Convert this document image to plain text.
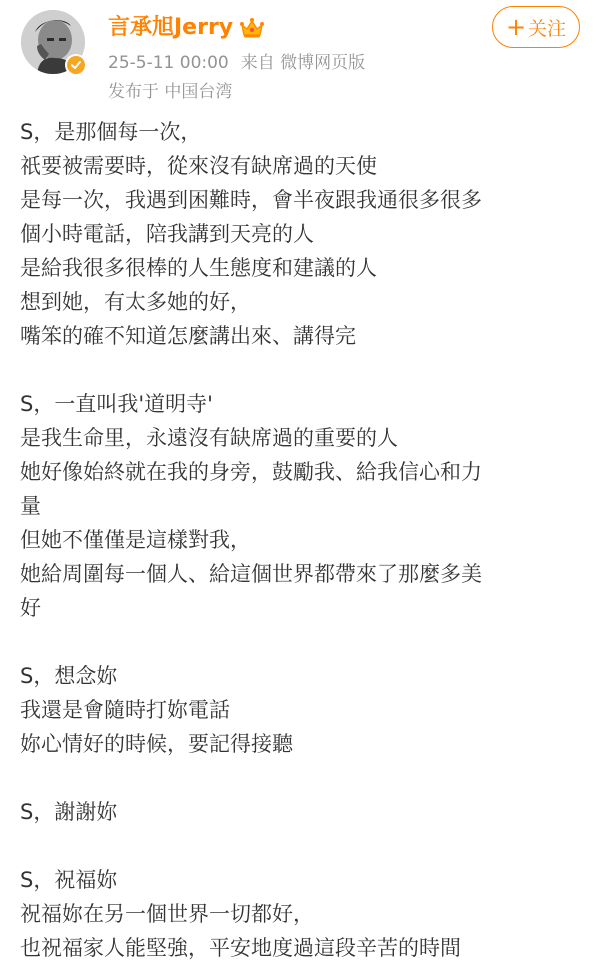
言承旭Jerry
25-5-11 00:00 来自 微博网页版
发布于 中国台湾
+ 关注
S，是那個每一次，
祇要被需要時，從來沒有缺席過的天使
是每一次，我遇到困難時，會半夜跟我通很多很多
個小時電話，陪我講到天亮的人
是給我很多很棒的人生態度和建議的人
想到她，有太多她的好，
嘴笨的確不知道怎麼講出來、講得完
S，一直叫我'道明寺'
是我生命里，永遠沒有缺席過的重要的人
她好像始終就在我的身旁，鼓勵我、給我信心和力
量
但她不僅僅是這樣對我，
她給周圍每一個人、給這個世界都帶來了那麼多美
好
S，想念妳
我還是會隨時打妳電話
妳心情好的時候，要記得接聽
S，謝謝妳
S，祝福妳
祝福妳在另一個世界一切都好，
也祝福家人能堅強，平安地度過這段辛苦的時間
